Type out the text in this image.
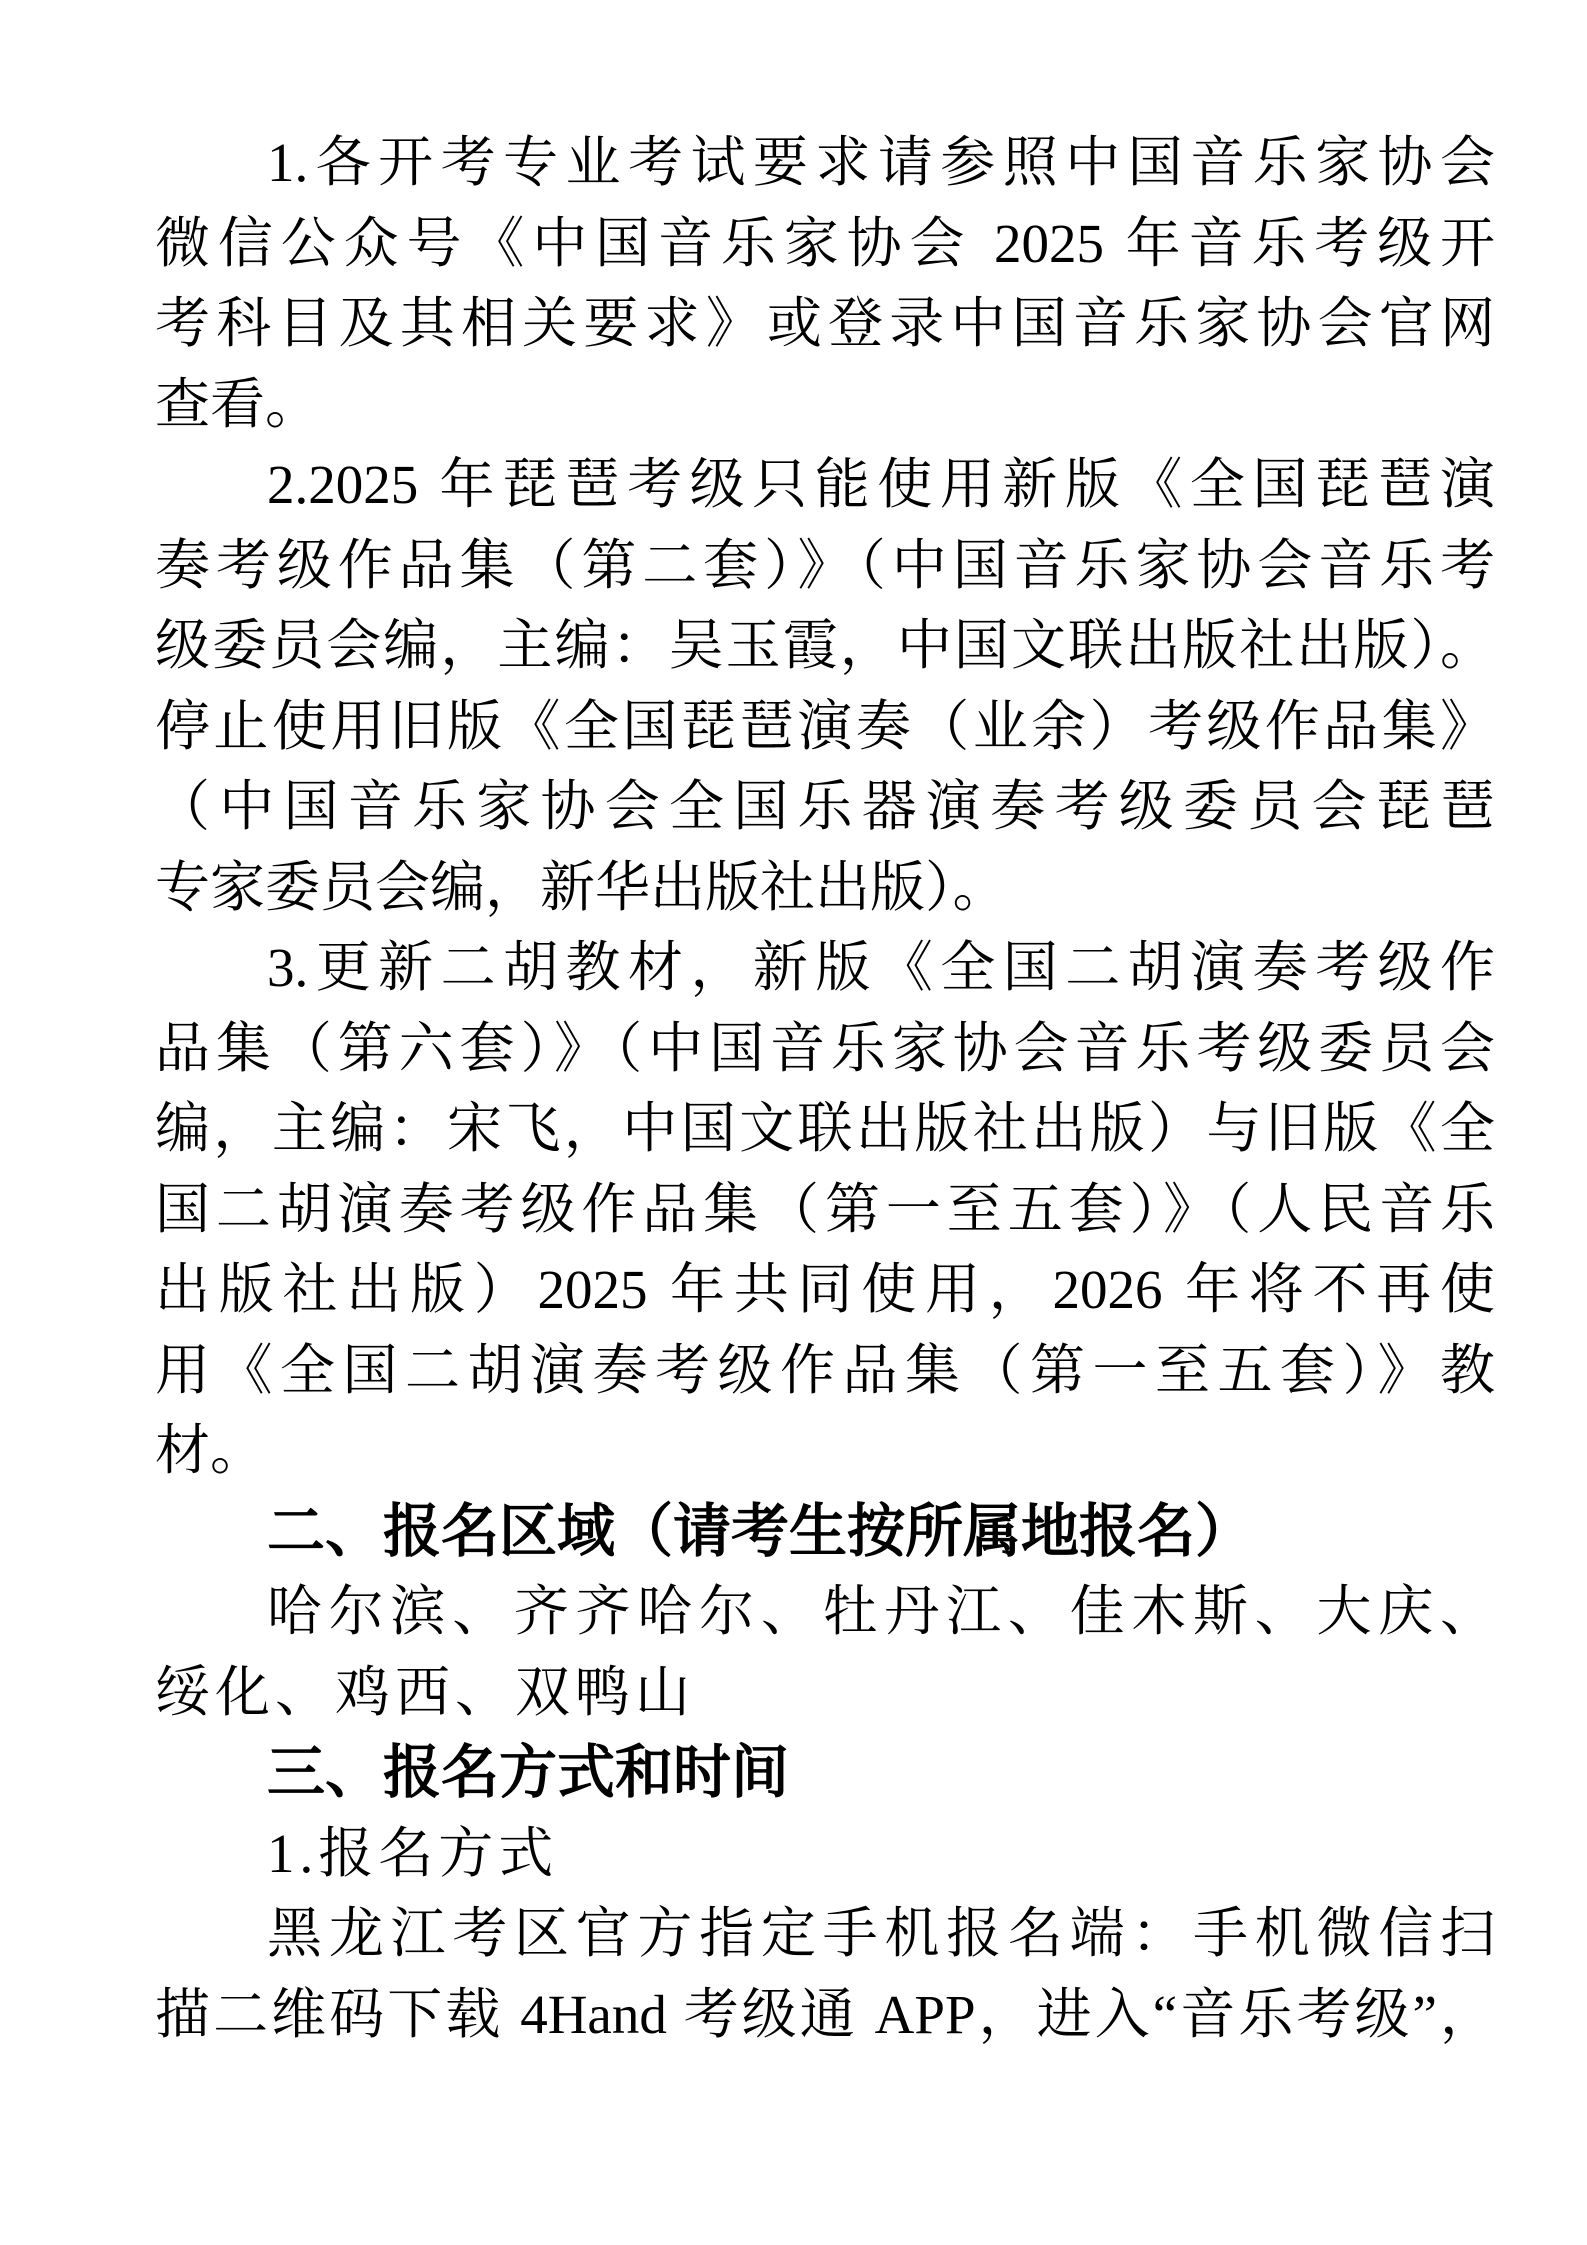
1.各开考专业考试要求请参照中国音乐家协会
微信公众号《中国音乐家协会 2025 年音乐考级开
考科目及其相关要求》或登录中国音乐家协会官网
查看。
2.2025 年琵琶考级只能使用新版《全国琵琶演
奏考级作品集（第二套）》（中国音乐家协会音乐考
级委员会编，主编：吴玉霞，中国文联出版社出版）。
停止使用旧版《全国琵琶演奏（业余）考级作品集》
（中国音乐家协会全国乐器演奏考级委员会琵琶
专家委员会编，新华出版社出版）。
3.更新二胡教材，新版《全国二胡演奏考级作
品集（第六套）》（中国音乐家协会音乐考级委员会
编，主编：宋飞，中国文联出版社出版）与旧版《全
国二胡演奏考级作品集（第一至五套）》（人民音乐
出版社出版）2025 年共同使用，2026 年将不再使
用《全国二胡演奏考级作品集（第一至五套）》教
材。
二、报名区域（请考生按所属地报名）
哈尔滨、齐齐哈尔、牡丹江、佳木斯、大庆、
绥化、鸡西、双鸭山
三、报名方式和时间
1.报名方式
黑龙江考区官方指定手机报名端：手机微信扫
描二维码下载 4Hand 考级通 APP，进入“音乐考级”，
